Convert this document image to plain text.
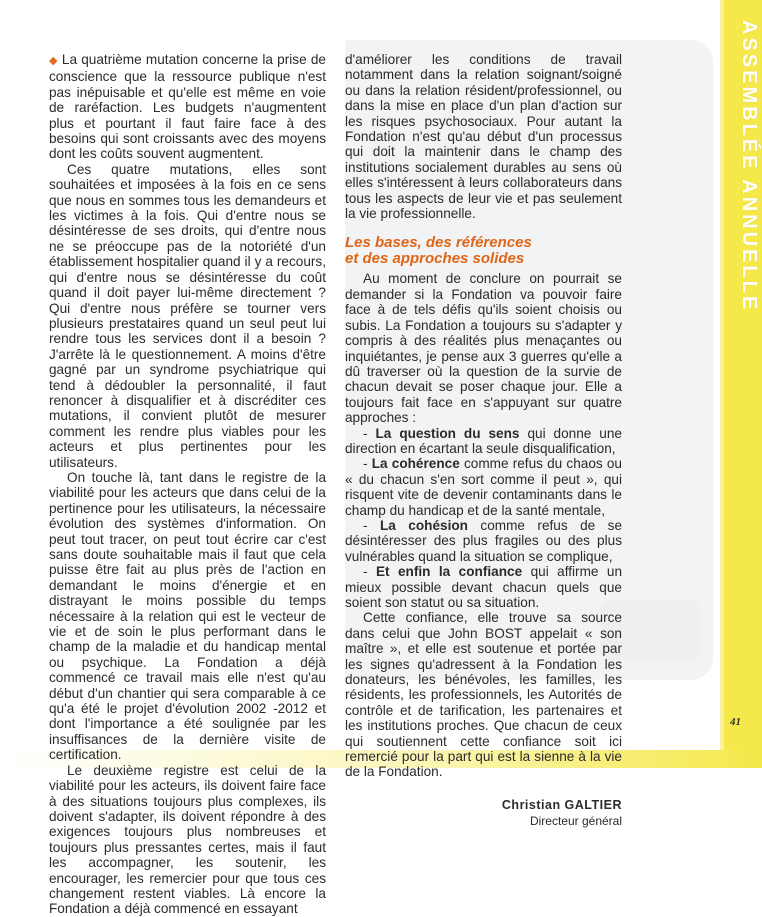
ASSEMBLÉE ANNUELLE

◆ La quatrième mutation concerne la prise de conscience que la ressource publique n'est pas inépuisable et qu'elle est même en voie de raréfaction. Les budgets n'augmentent plus et pourtant il faut faire face à des besoins qui sont croissants avec des moyens dont les coûts souvent augmentent.

Ces quatre mutations, elles sont souhaitées et imposées à la fois en ce sens que nous en sommes tous les demandeurs et les victimes à la fois. Qui d'entre nous se désintéresse de ses droits, qui d'entre nous ne se préoccupe pas de la notoriété d'un établissement hospitalier quand il y a recours, qui d'entre nous se désintéresse du coût quand il doit payer lui-même directement ? Qui d'entre nous préfère se tourner vers plusieurs prestataires quand un seul peut lui rendre tous les services dont il a besoin ? J'arrête là le questionnement. A moins d'être gagné par un syndrome psychiatrique qui tend à dédoubler la personnalité, il faut renoncer à disqualifier et à discréditer ces mutations, il convient plutôt de mesurer comment les rendre plus viables pour les acteurs et plus pertinentes pour les utilisateurs.

On touche là, tant dans le registre de la viabilité pour les acteurs que dans celui de la pertinence pour les utilisateurs, la nécessaire évolution des systèmes d'information. On peut tout tracer, on peut tout écrire car c'est sans doute souhaitable mais il faut que cela puisse être fait au plus près de l'action en demandant le moins d'énergie et en distrayant le moins possible du temps nécessaire à la relation qui est le vecteur de vie et de soin le plus performant dans le champ de la maladie et du handicap mental ou psychique. La Fondation a déjà commencé ce travail mais elle n'est qu'au début d'un chantier qui sera comparable à ce qu'a été le projet d'évolution 2002 -2012 et dont l'importance a été soulignée par les insuffisances de la dernière visite de certification.

Le deuxième registre est celui de la viabilité pour les acteurs, ils doivent faire face à des situations toujours plus complexes, ils doivent s'adapter, ils doivent répondre à des exigences toujours plus nombreuses et toujours plus pressantes certes, mais il faut les accompagner, les soutenir, les encourager, les remercier pour que tous ces changement restent viables. Là encore la Fondation a déjà commencé en essayant

d'améliorer les conditions de travail notamment dans la relation soignant/soigné ou dans la relation résident/professionnel, ou dans la mise en place d'un plan d'action sur les risques psychosociaux. Pour autant la Fondation n'est qu'au début d'un processus qui doit la maintenir dans le champ des institutions socialement durables au sens où elles s'intéressent à leurs collaborateurs dans tous les aspects de leur vie et pas seulement la vie professionnelle.

Les bases, des références
et des approches solides

Au moment de conclure on pourrait se demander si la Fondation va pouvoir faire face à de tels défis qu'ils soient choisis ou subis. La Fondation a toujours su s'adapter y compris à des réalités plus menaçantes ou inquiétantes, je pense aux 3 guerres qu'elle a dû traverser où la question de la survie de chacun devait se poser chaque jour. Elle a toujours fait face en s'appuyant sur quatre approches :

- La question du sens qui donne une direction en écartant la seule disqualification,

- La cohérence comme refus du chaos ou « du chacun s'en sort comme il peut », qui risquent vite de devenir contaminants dans le champ du handicap et de la santé mentale,

- La cohésion comme refus de se désintéresser des plus fragiles ou des plus vulnérables quand la situation se complique,

- Et enfin la confiance qui affirme un mieux possible devant chacun quels que soient son statut ou sa situation.

Cette confiance, elle trouve sa source dans celui que John BOST appelait « son maître », et elle est soutenue et portée par les signes qu'adressent à la Fondation les donateurs, les bénévoles, les familles, les résidents, les professionnels, les Autorités de contrôle et de tarification, les partenaires et les institutions proches. Que chacun de ceux qui soutiennent cette confiance soit ici remercié pour la part qui est la sienne à la vie de la Fondation.

Christian GALTIER
Directeur général
41
